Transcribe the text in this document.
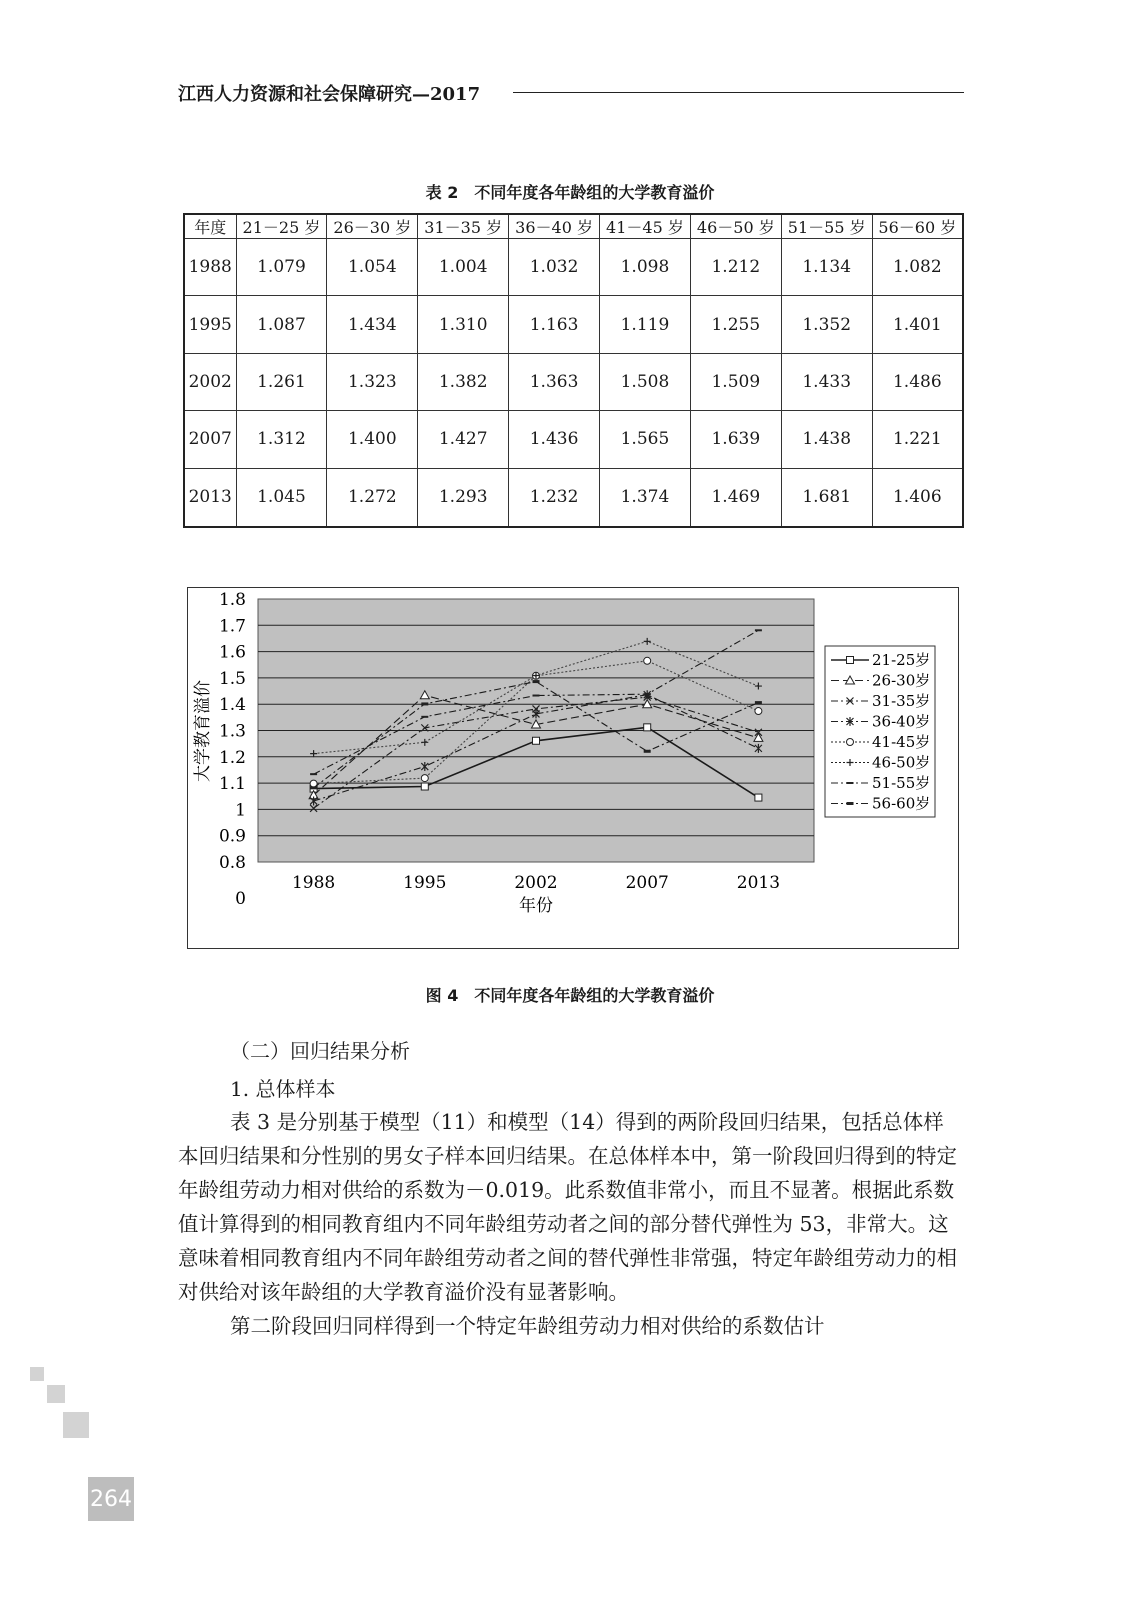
江西人力资源和社会保障研究—2017
表 2　不同年度各年龄组的大学教育溢价
年度	21－25 岁	26－30 岁	31－35 岁	36－40 岁	41－45 岁	46－50 岁	51－55 岁	56－60 岁
1988	1.079	1.054	1.004	1.032	1.098	1.212	1.134	1.082
1995	1.087	1.434	1.310	1.163	1.119	1.255	1.352	1.401
2002	1.261	1.323	1.382	1.363	1.508	1.509	1.433	1.486
2007	1.312	1.400	1.427	1.436	1.565	1.639	1.438	1.221
2013	1.045	1.272	1.293	1.232	1.374	1.469	1.681	1.406
1.8
1.7
1.6
1.5
1.4
1.3
1.2
1.1
1
0.9
0.8
0
1988	1995	2002	2007	2013
大学教育溢价
年份
21-25岁
26-30岁
31-35岁
36-40岁
41-45岁
46-50岁
51-55岁
56-60岁
图 4　不同年度各年龄组的大学教育溢价
（二）回归结果分析
1. 总体样本

表 3 是分别基于模型（11）和模型（14）得到的两阶段回归结果，包括总体样本回归结果和分性别的男女子样本回归结果。在总体样本中，第一阶段回归得到的特定年龄组劳动力相对供给的系数为－0.019。此系数值非常小，而且不显著。根据此系数值计算得到的相同教育组内不同年龄组劳动者之间的部分替代弹性为 53，非常大。这意味着相同教育组内不同年龄组劳动者之间的替代弹性非常强，特定年龄组劳动力的相对供给对该年龄组的大学教育溢价没有显著影响。

第二阶段回归同样得到一个特定年龄组劳动力相对供给的系数估计

264
